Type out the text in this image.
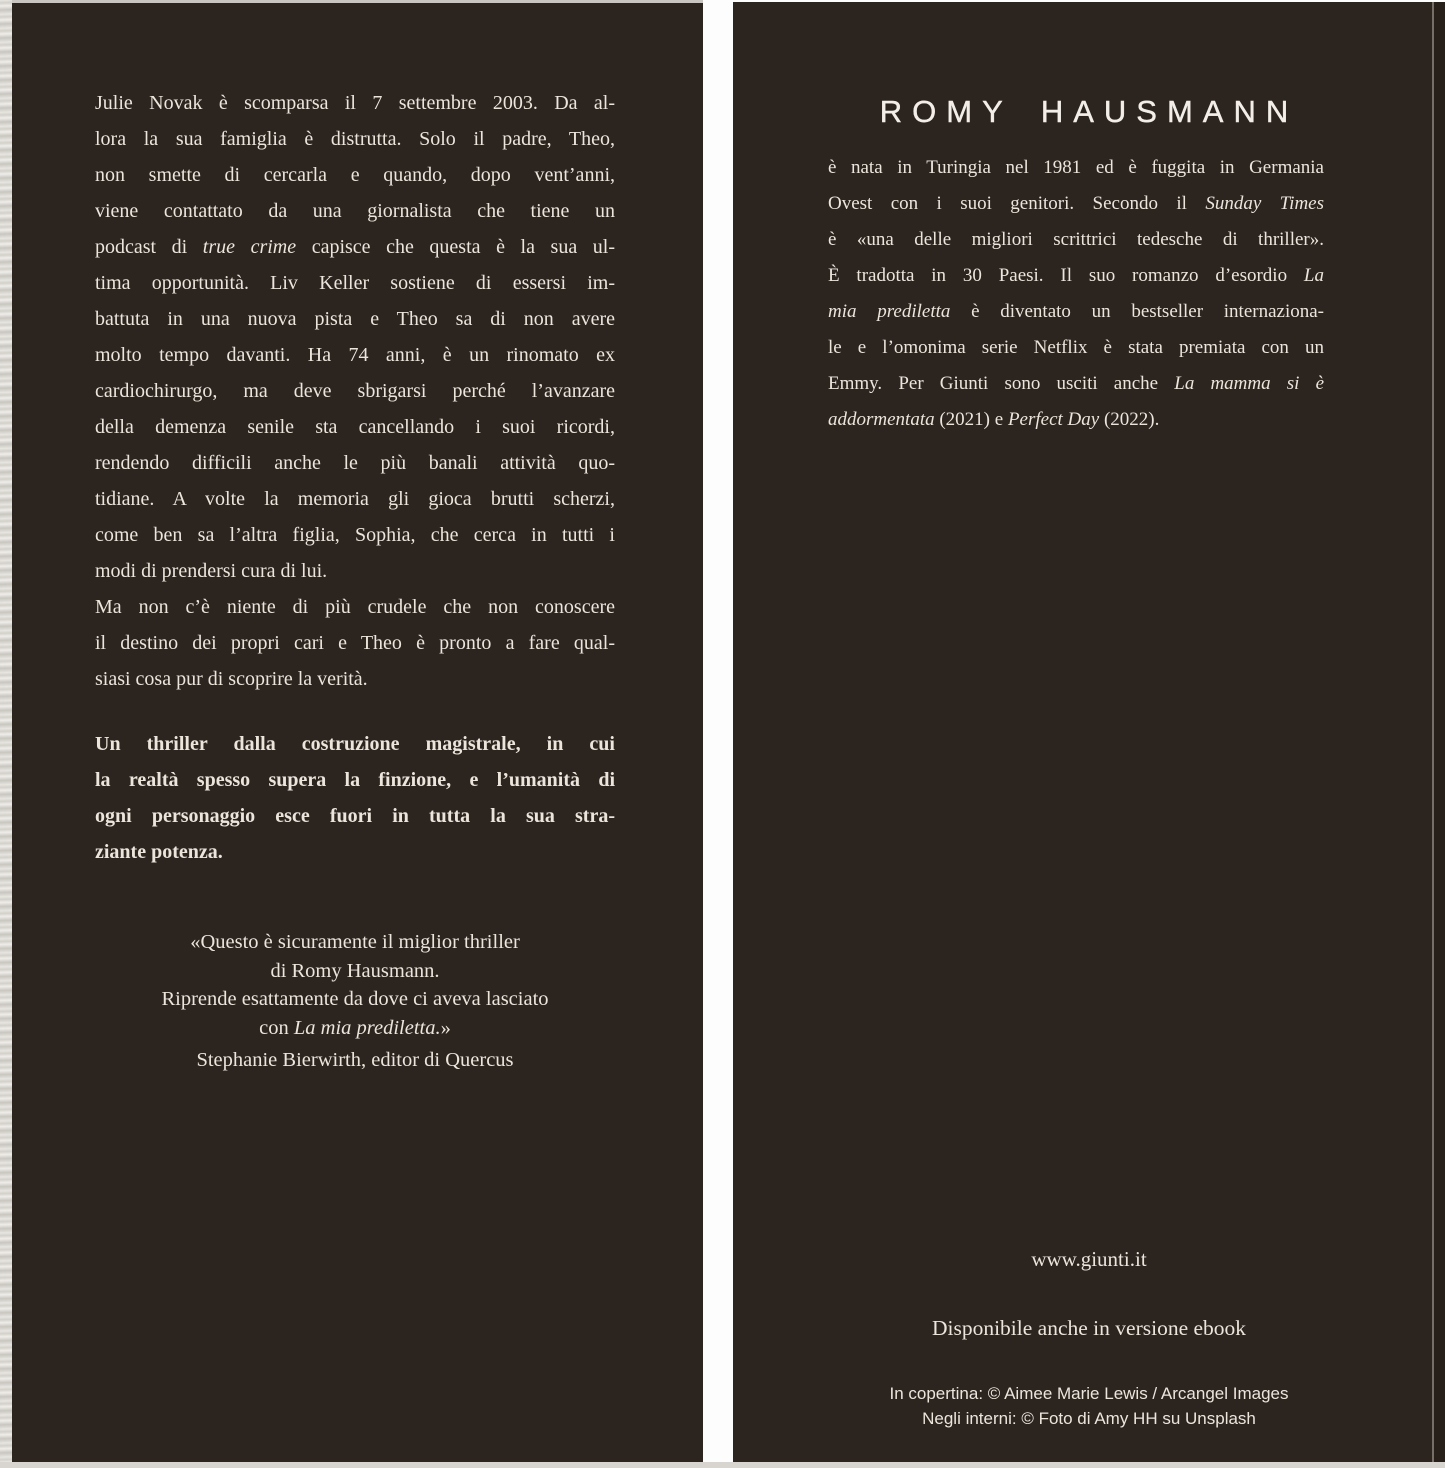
Julie Novak è scomparsa il 7 settembre 2003. Da al-
lora la sua famiglia è distrutta. Solo il padre, Theo,
non smette di cercarla e quando, dopo vent’anni,
viene contattato da una giornalista che tiene un
podcast di true crime capisce che questa è la sua ul-
tima opportunità. Liv Keller sostiene di essersi im-
battuta in una nuova pista e Theo sa di non avere
molto tempo davanti. Ha 74 anni, è un rinomato ex
cardiochirurgo, ma deve sbrigarsi perché l’avanzare
della demenza senile sta cancellando i suoi ricordi,
rendendo difficili anche le più banali attività quo-
tidiane. A volte la memoria gli gioca brutti scherzi,
come ben sa l’altra figlia, Sophia, che cerca in tutti i
modi di prendersi cura di lui.
Ma non c’è niente di più crudele che non conoscere
il destino dei propri cari e Theo è pronto a fare qual-
siasi cosa pur di scoprire la verità.
Un thriller dalla costruzione magistrale, in cui
la realtà spesso supera la finzione, e l’umanità di
ogni personaggio esce fuori in tutta la sua stra-
ziante potenza.
«Questo è sicuramente il miglior thriller
di Romy Hausmann.
Riprende esattamente da dove ci aveva lasciato
con La mia prediletta.»
Stephanie Bierwirth, editor di Quercus
ROMY HAUSMANN
è nata in Turingia nel 1981 ed è fuggita in Germania
Ovest con i suoi genitori. Secondo il Sunday Times
è «una delle migliori scrittrici tedesche di thriller».
È tradotta in 30 Paesi. Il suo romanzo d’esordio La
mia prediletta è diventato un bestseller internaziona-
le e l’omonima serie Netflix è stata premiata con un
Emmy. Per Giunti sono usciti anche La mamma si è
addormentata (2021) e Perfect Day (2022).
www.giunti.it
Disponibile anche in versione ebook
In copertina: © Aimee Marie Lewis / Arcangel Images
Negli interni: © Foto di Amy HH su Unsplash
